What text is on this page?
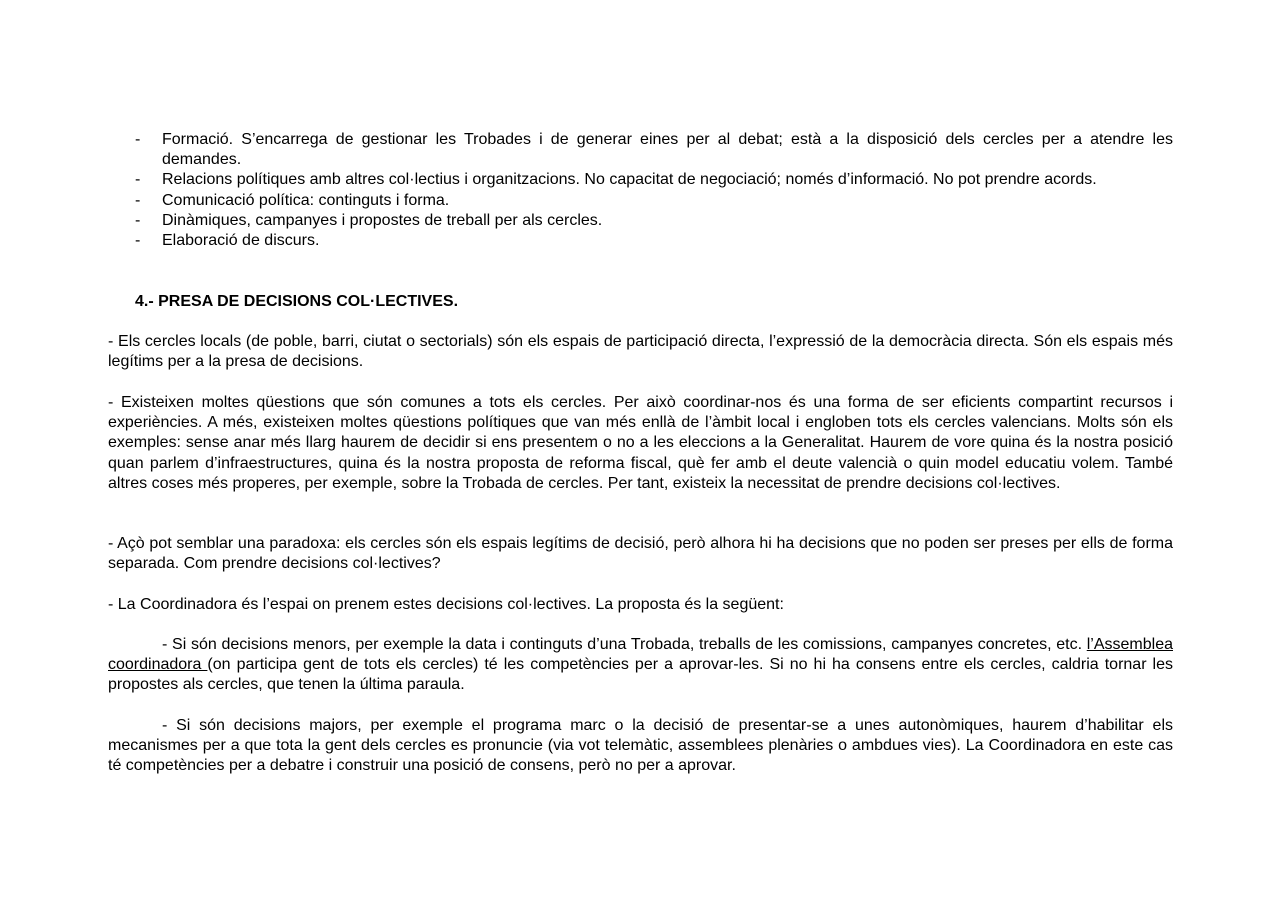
-	Formació. S’encarrega de gestionar les Trobades i de generar eines per al debat; està a la disposició dels cercles per a atendre les demandes.
-	Relacions polítiques amb altres col·lectius i organitzacions. No capacitat de negociació; només d’informació. No pot prendre acords.
-	Comunicació política: continguts i forma.
-	Dinàmiques, campanyes i propostes de treball per als cercles.
-	Elaboració de discurs.
4.- PRESA DE DECISIONS COL·LECTIVES.

- Els cercles locals (de poble, barri, ciutat o sectorials) són els espais de participació directa, l’expressió de la democràcia directa. Són els espais més legítims per a la presa de decisions.

- Existeixen moltes qüestions que són comunes a tots els cercles. Per això coordinar-nos és una forma de ser eficients compartint recursos i experiències. A més, existeixen moltes qüestions polítiques que van més enllà de l’àmbit local i engloben tots els cercles valencians. Molts són els exemples: sense anar més llarg haurem de decidir si ens presentem o no a les eleccions a la Generalitat. Haurem de vore quina és la nostra posició quan parlem d’infraestructures, quina és la nostra proposta de reforma fiscal, què fer amb el deute valencià o quin model educatiu volem. També altres coses més properes, per exemple, sobre la Trobada de cercles. Per tant, existeix la necessitat de prendre decisions col·lectives.

- Açò pot semblar una paradoxa: els cercles són els espais legítims de decisió, però alhora hi ha decisions que no poden ser preses per ells de forma separada. Com prendre decisions col·lectives?

- La Coordinadora és l’espai on prenem estes decisions col·lectives. La proposta és la següent:

- Si són decisions menors, per exemple la data i continguts d’una Trobada, treballs de les comissions, campanyes concretes, etc. l’Assemblea coordinadora (on participa gent de tots els cercles) té les competències per a aprovar-les. Si no hi ha consens entre els cercles, caldria tornar les propostes als cercles, que tenen la última paraula.

- Si són decisions majors, per exemple el programa marc o la decisió de presentar-se a unes autonòmiques, haurem d’habilitar els mecanismes per a que tota la gent dels cercles es pronuncie (via vot telemàtic, assemblees plenàries o ambdues vies). La Coordinadora en este cas té competències per a debatre i construir una posició de consens, però no per a aprovar.
